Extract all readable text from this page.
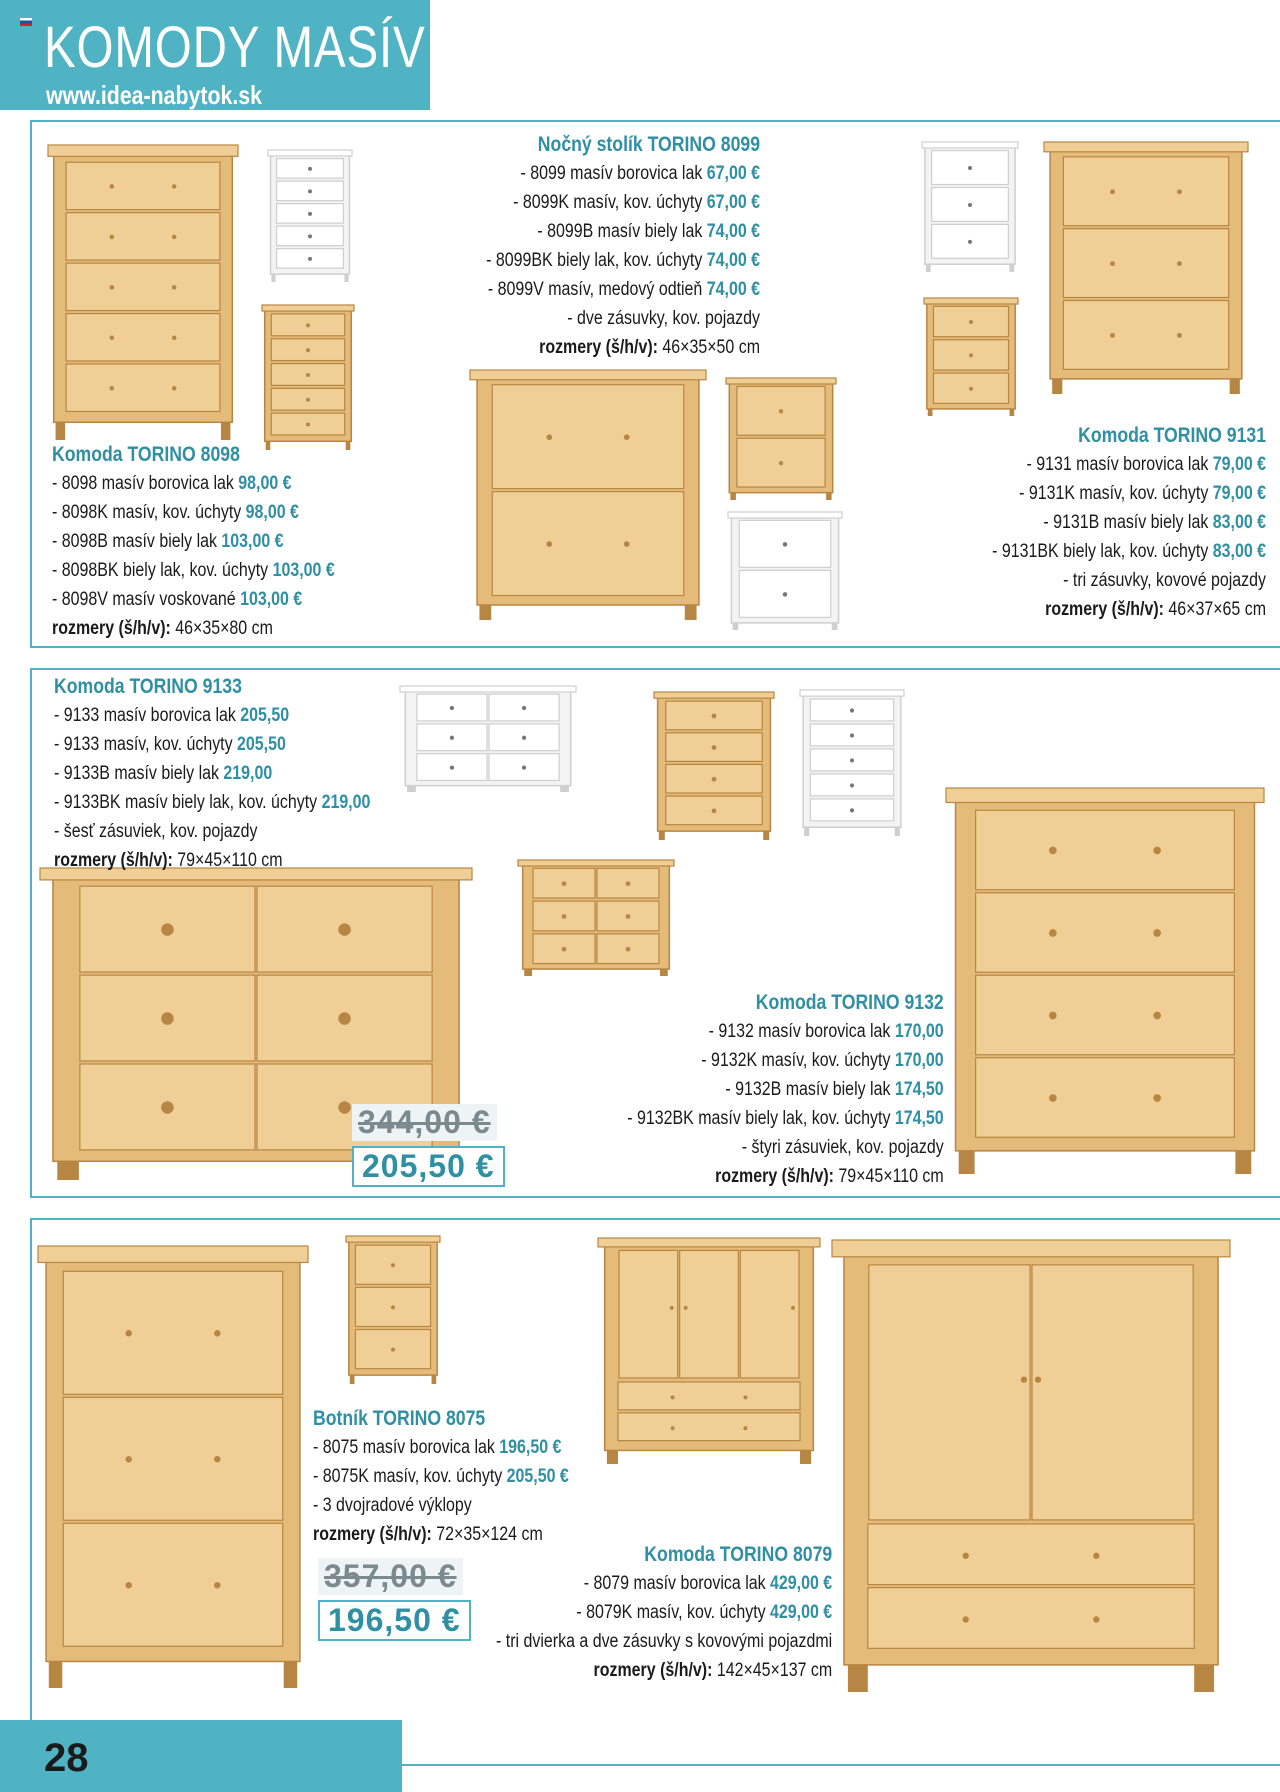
KOMODY MASÍV
www.idea-nabytok.sk
Komoda TORINO 8098
- 8098 masív borovica lak 98,00 €
- 8098K masív, kov. úchyty 98,00 €
- 8098B masív biely lak 103,00 €
- 8098BK biely lak, kov. úchyty 103,00 €
- 8098V masív voskované 103,00 €
rozmery (š/h/v): 46×35×80 cm
Nočný stolík TORINO 8099
- 8099 masív borovica lak 67,00 €
- 8099K masív, kov. úchyty 67,00 €
- 8099B masív biely lak 74,00 €
- 8099BK biely lak, kov. úchyty 74,00 €
- 8099V masív, medový odtieň 74,00 €
- dve zásuvky, kov. pojazdy
rozmery (š/h/v): 46×35×50 cm
Komoda TORINO 9131
- 9131 masív borovica lak 79,00 €
- 9131K masív, kov. úchyty 79,00 €
- 9131B masív biely lak 83,00 €
- 9131BK biely lak, kov. úchyty 83,00 €
- tri zásuvky, kovové pojazdy
rozmery (š/h/v): 46×37×65 cm
Komoda TORINO 9133
- 9133 masív borovica lak 205,50
- 9133 masív, kov. úchyty 205,50
- 9133B masív biely lak 219,00
- 9133BK masív biely lak, kov. úchyty 219,00
- šesť zásuviek, kov. pojazdy
rozmery (š/h/v): 79×45×110 cm
344,00 €
205,50 €
Komoda TORINO 9132
- 9132 masív borovica lak 170,00
- 9132K masív, kov. úchyty 170,00
- 9132B masív biely lak 174,50
- 9132BK masív biely lak, kov. úchyty 174,50
- štyri zásuviek, kov. pojazdy
rozmery (š/h/v): 79×45×110 cm
Botník TORINO 8075
- 8075 masív borovica lak 196,50 €
- 8075K masív, kov. úchyty 205,50 €
- 3 dvojradové výklopy
rozmery (š/h/v): 72×35×124 cm
357,00 €
196,50 €
Komoda TORINO 8079
- 8079 masív borovica lak 429,00 €
- 8079K masív, kov. úchyty 429,00 €
- tri dvierka a dve zásuvky s kovovými pojazdmi
rozmery (š/h/v): 142×45×137 cm
28
